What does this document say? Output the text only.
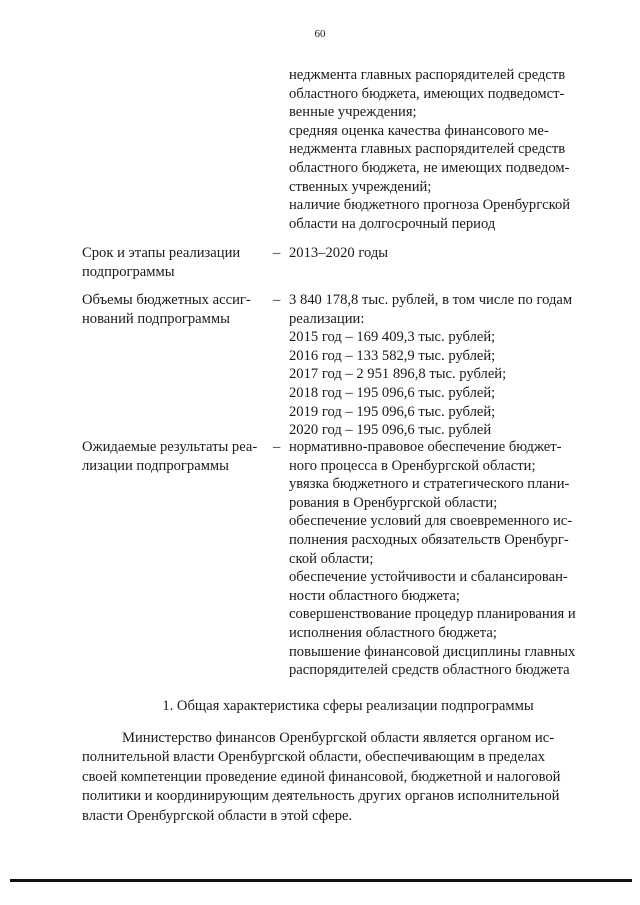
60
неджмента главных распорядителей средств
областного бюджета, имеющих подведомст-
венные учреждения;
средняя оценка качества финансового ме-
неджмента главных распорядителей средств
областного бюджета, не имеющих подведом-
ственных учреждений;
наличие бюджетного прогноза Оренбургской
области на долгосрочный период
Срок и этапы реализации
подпрограммы
– 2013–2020 годы
Объемы бюджетных ассиг-
нований подпрограммы
– 3 840 178,8 тыс. рублей, в том числе по годам
реализации:
2015 год – 169 409,3 тыс. рублей;
2016 год – 133 582,9 тыс. рублей;
2017 год – 2 951 896,8 тыс. рублей;
2018 год – 195 096,6 тыс. рублей;
2019 год – 195 096,6 тыс. рублей;
2020 год – 195 096,6 тыс. рублей
Ожидаемые результаты реа-
лизации подпрограммы
– нормативно-правовое обеспечение бюджет-
ного процесса в Оренбургской области;
увязка бюджетного и стратегического плани-
рования в Оренбургской области;
обеспечение условий для своевременного ис-
полнения расходных обязательств Оренбург-
ской области;
обеспечение устойчивости и сбалансирован-
ности областного бюджета;
совершенствование процедур планирования и
исполнения областного бюджета;
повышение финансовой дисциплины главных
распорядителей средств областного бюджета
1. Общая характеристика сферы реализации подпрограммы
Министерство финансов Оренбургской области является органом ис-
полнительной власти Оренбургской области, обеспечивающим в пределах
своей компетенции проведение единой финансовой, бюджетной и налоговой
политики и координирующим деятельность других органов исполнительной
власти Оренбургской области в этой сфере.
